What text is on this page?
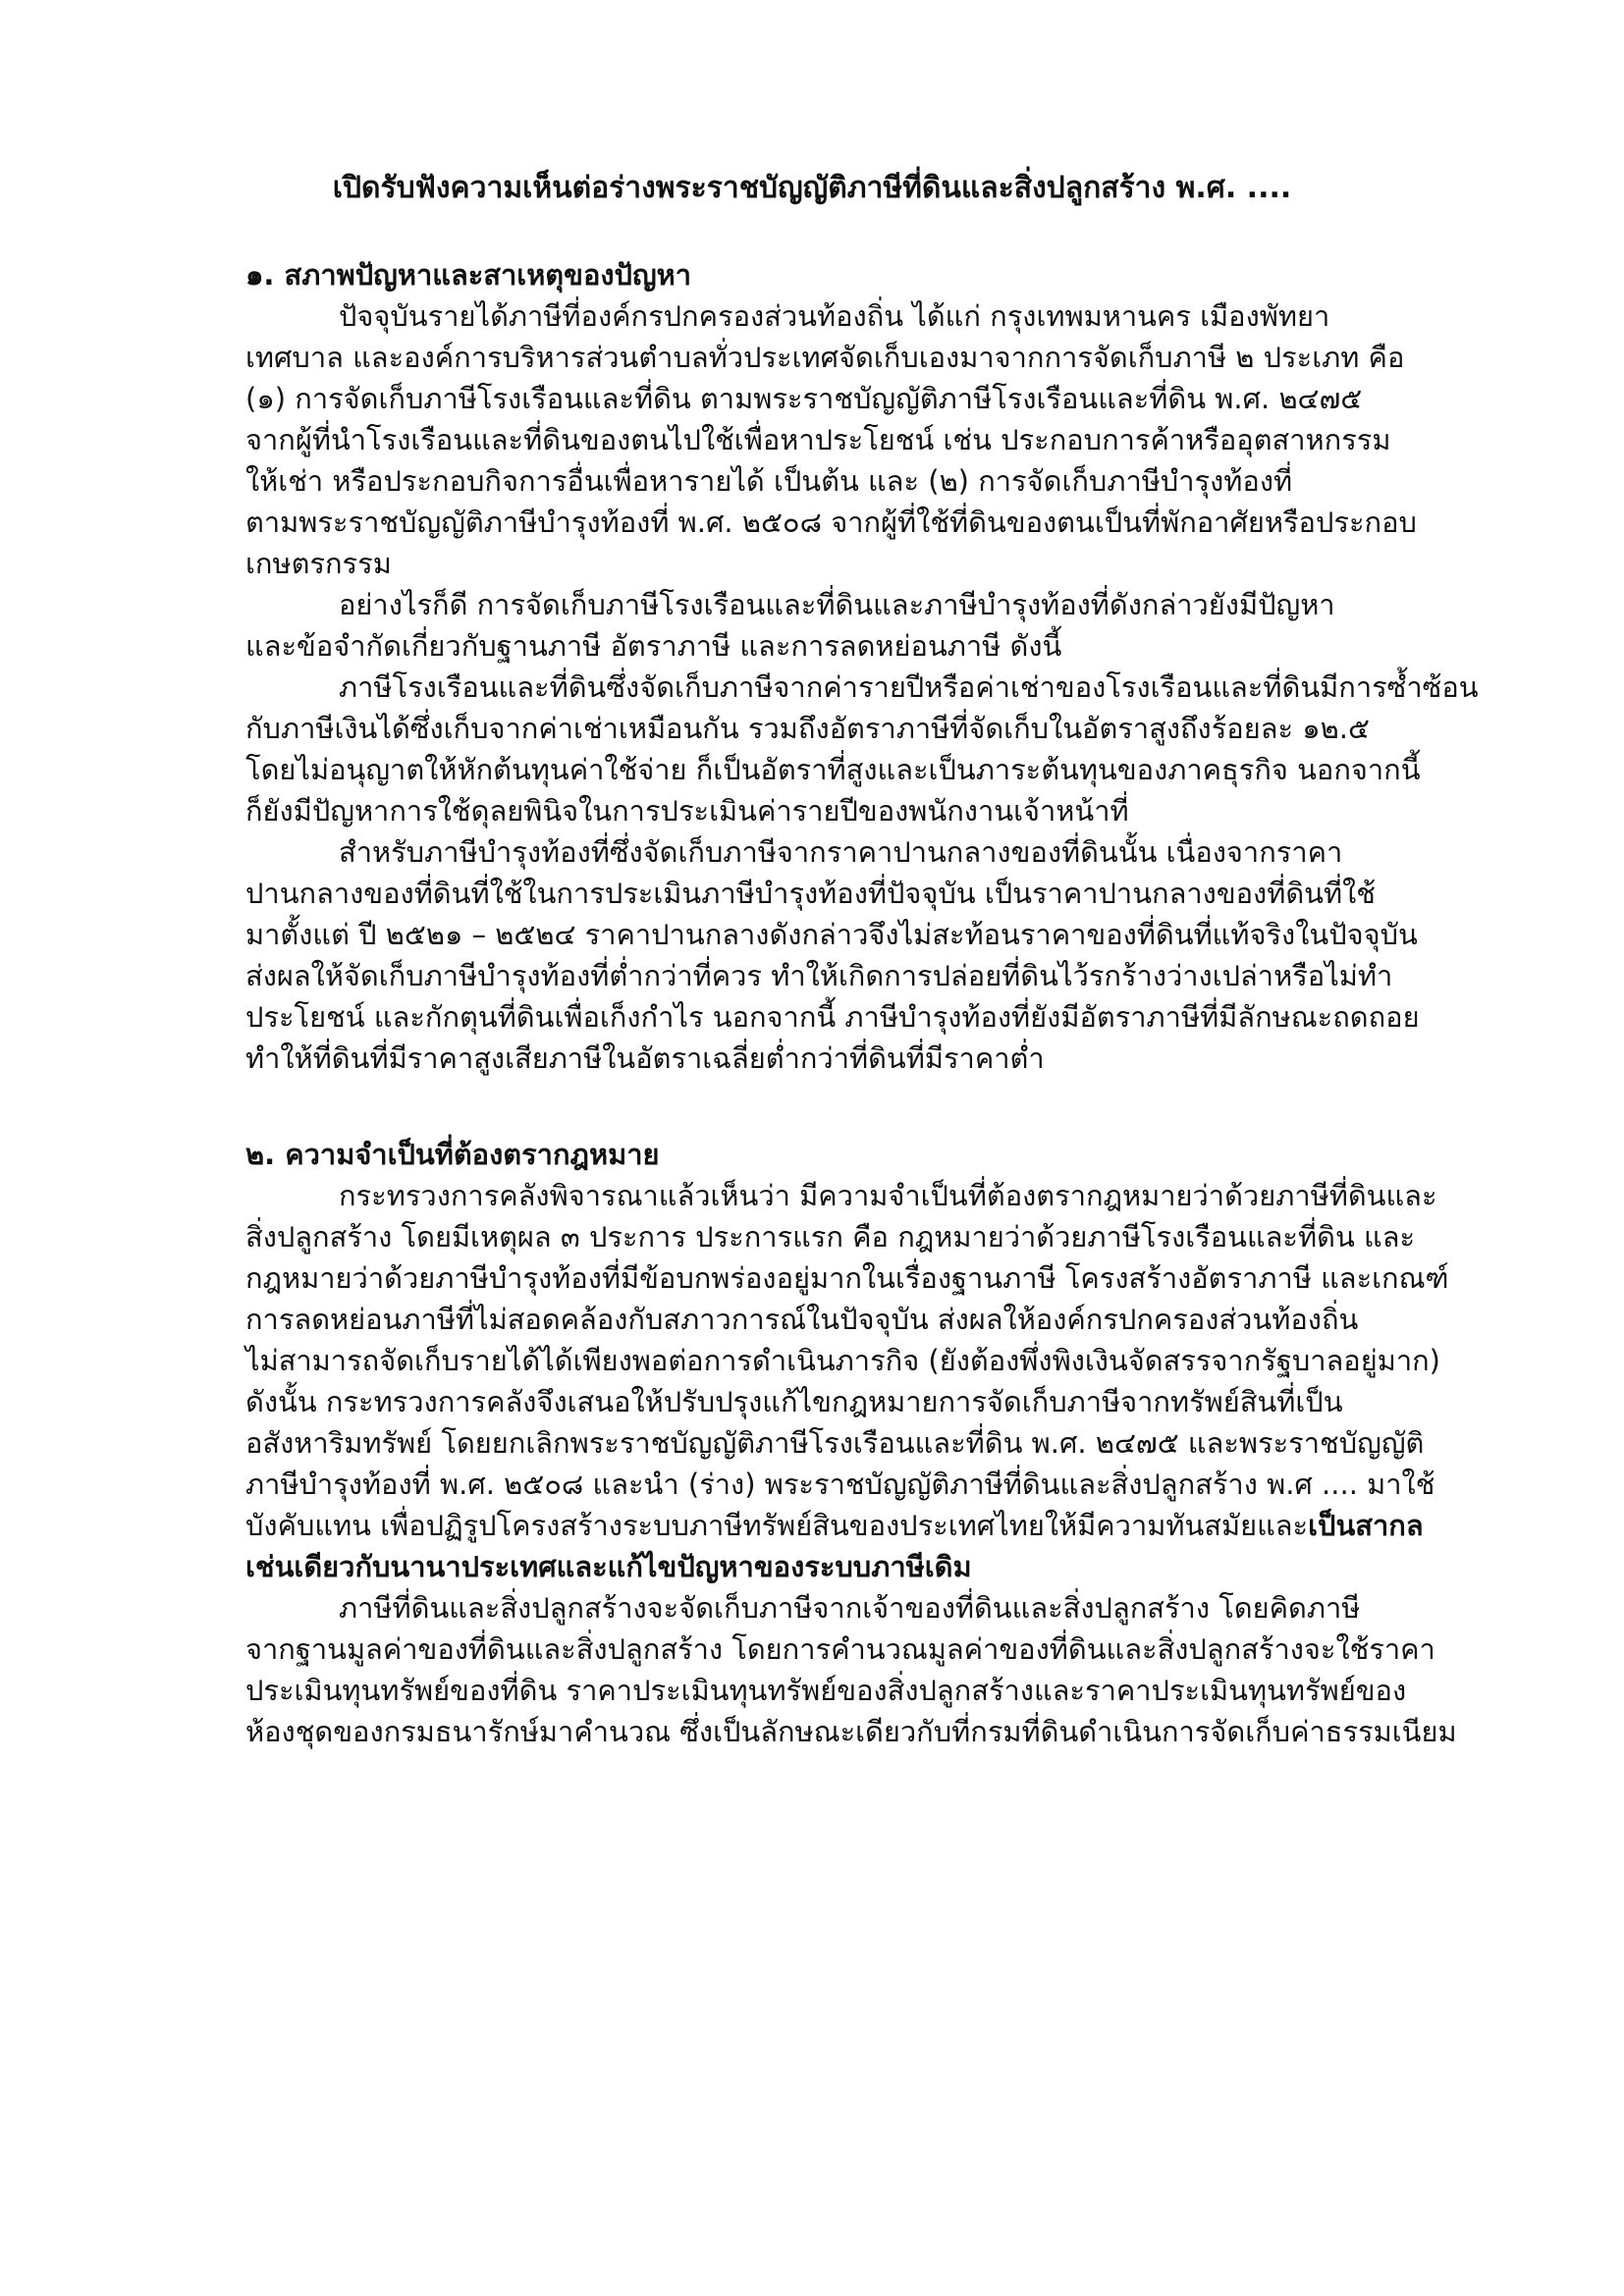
เปิดรับฟังความเห็นต่อร่างพระราชบัญญัติภาษีที่ดินและสิ่งปลูกสร้าง พ.ศ. ....
๑. สภาพปัญหาและสาเหตุของปัญหา
ปัจจุบันรายได้ภาษีที่องค์กรปกครองส่วนท้องถิ่น ได้แก่ กรุงเทพมหานคร เมืองพัทยา
เทศบาล และองค์การบริหารส่วนตำบลทั่วประเทศจัดเก็บเองมาจากการจัดเก็บภาษี ๒ ประเภท คือ
(๑) การจัดเก็บภาษีโรงเรือนและที่ดิน ตามพระราชบัญญัติภาษีโรงเรือนและที่ดิน พ.ศ. ๒๔๗๕
จากผู้ที่นำโรงเรือนและที่ดินของตนไปใช้เพื่อหาประโยชน์ เช่น ประกอบการค้าหรืออุตสาหกรรม
ให้เช่า หรือประกอบกิจการอื่นเพื่อหารายได้ เป็นต้น และ (๒) การจัดเก็บภาษีบำรุงท้องที่
ตามพระราชบัญญัติภาษีบำรุงท้องที่ พ.ศ. ๒๕๐๘ จากผู้ที่ใช้ที่ดินของตนเป็นที่พักอาศัยหรือประกอบ
เกษตรกรรม
อย่างไรก็ดี การจัดเก็บภาษีโรงเรือนและที่ดินและภาษีบำรุงท้องที่ดังกล่าวยังมีปัญหา
และข้อจำกัดเกี่ยวกับฐานภาษี อัตราภาษี และการลดหย่อนภาษี ดังนี้
ภาษีโรงเรือนและที่ดินซึ่งจัดเก็บภาษีจากค่ารายปีหรือค่าเช่าของโรงเรือนและที่ดินมีการซ้ำซ้อน
กับภาษีเงินได้ซึ่งเก็บจากค่าเช่าเหมือนกัน รวมถึงอัตราภาษีที่จัดเก็บในอัตราสูงถึงร้อยละ ๑๒.๕
โดยไม่อนุญาตให้หักต้นทุนค่าใช้จ่าย ก็เป็นอัตราที่สูงและเป็นภาระต้นทุนของภาคธุรกิจ นอกจากนี้
ก็ยังมีปัญหาการใช้ดุลยพินิจในการประเมินค่ารายปีของพนักงานเจ้าหน้าที่
สำหรับภาษีบำรุงท้องที่ซึ่งจัดเก็บภาษีจากราคาปานกลางของที่ดินนั้น เนื่องจากราคา
ปานกลางของที่ดินที่ใช้ในการประเมินภาษีบำรุงท้องที่ปัจจุบัน เป็นราคาปานกลางของที่ดินที่ใช้
มาตั้งแต่ ปี ๒๕๒๑ – ๒๕๒๔ ราคาปานกลางดังกล่าวจึงไม่สะท้อนราคาของที่ดินที่แท้จริงในปัจจุบัน
ส่งผลให้จัดเก็บภาษีบำรุงท้องที่ต่ำกว่าที่ควร ทำให้เกิดการปล่อยที่ดินไว้รกร้างว่างเปล่าหรือไม่ทำ
ประโยชน์ และกักตุนที่ดินเพื่อเก็งกำไร นอกจากนี้ ภาษีบำรุงท้องที่ยังมีอัตราภาษีที่มีลักษณะถดถอย
ทำให้ที่ดินที่มีราคาสูงเสียภาษีในอัตราเฉลี่ยต่ำกว่าที่ดินที่มีราคาต่ำ
๒. ความจำเป็นที่ต้องตรากฎหมาย
กระทรวงการคลังพิจารณาแล้วเห็นว่า มีความจำเป็นที่ต้องตรากฎหมายว่าด้วยภาษีที่ดินและ
สิ่งปลูกสร้าง โดยมีเหตุผล ๓ ประการ ประการแรก คือ กฎหมายว่าด้วยภาษีโรงเรือนและที่ดิน และ
กฎหมายว่าด้วยภาษีบำรุงท้องที่มีข้อบกพร่องอยู่มากในเรื่องฐานภาษี โครงสร้างอัตราภาษี และเกณฑ์
การลดหย่อนภาษีที่ไม่สอดคล้องกับสภาวการณ์ในปัจจุบัน ส่งผลให้องค์กรปกครองส่วนท้องถิ่น
ไม่สามารถจัดเก็บรายได้ได้เพียงพอต่อการดำเนินภารกิจ (ยังต้องพึ่งพิงเงินจัดสรรจากรัฐบาลอยู่มาก)
ดังนั้น กระทรวงการคลังจึงเสนอให้ปรับปรุงแก้ไขกฎหมายการจัดเก็บภาษีจากทรัพย์สินที่เป็น
อสังหาริมทรัพย์ โดยยกเลิกพระราชบัญญัติภาษีโรงเรือนและที่ดิน พ.ศ. ๒๔๗๕ และพระราชบัญญัติ
ภาษีบำรุงท้องที่ พ.ศ. ๒๕๐๘ และนำ (ร่าง) พระราชบัญญัติภาษีที่ดินและสิ่งปลูกสร้าง พ.ศ .... มาใช้
บังคับแทน เพื่อปฏิรูปโครงสร้างระบบภาษีทรัพย์สินของประเทศไทยให้มีความทันสมัยและเป็นสากล
เช่นเดียวกับนานาประเทศและแก้ไขปัญหาของระบบภาษีเดิม
ภาษีที่ดินและสิ่งปลูกสร้างจะจัดเก็บภาษีจากเจ้าของที่ดินและสิ่งปลูกสร้าง โดยคิดภาษี
จากฐานมูลค่าของที่ดินและสิ่งปลูกสร้าง โดยการคำนวณมูลค่าของที่ดินและสิ่งปลูกสร้างจะใช้ราคา
ประเมินทุนทรัพย์ของที่ดิน ราคาประเมินทุนทรัพย์ของสิ่งปลูกสร้างและราคาประเมินทุนทรัพย์ของ
ห้องชุดของกรมธนารักษ์มาคำนวณ ซึ่งเป็นลักษณะเดียวกับที่กรมที่ดินดำเนินการจัดเก็บค่าธรรมเนียม
